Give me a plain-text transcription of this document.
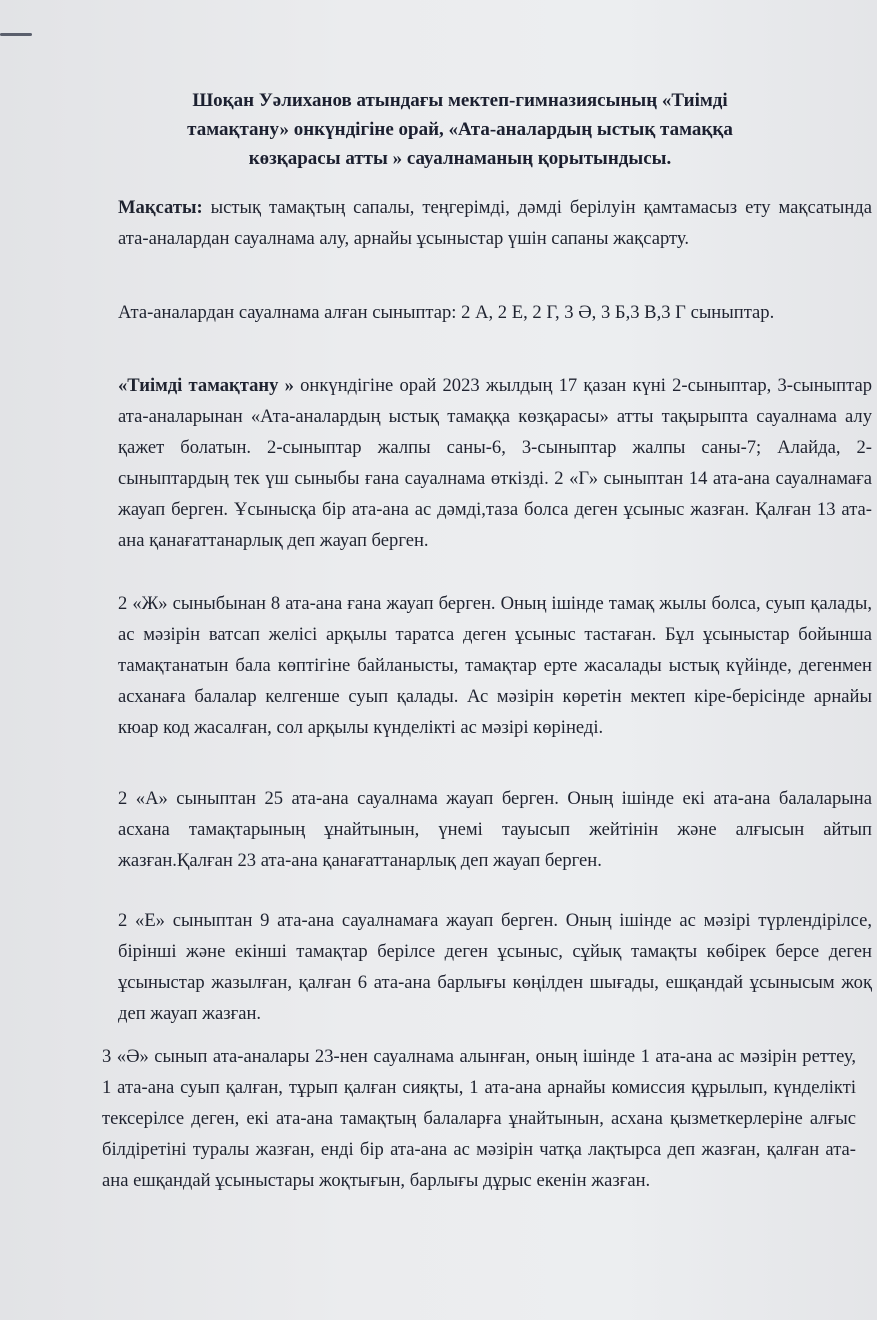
Шоқан Уәлиханов атындағы мектеп-гимназиясының «Тиімді
тамақтану» онкүндігіне орай, «Ата-аналардың ыстық тамаққа
көзқарасы атты » сауалнаманың қорытындысы.
Мақсаты: ыстық тамақтың сапалы, теңгерімді, дәмді берілуін қамтамасыз ету мақсатында ата-аналардан сауалнама алу, арнайы ұсыныстар үшін сапаны жақсарту.
Ата-аналардан сауалнама алған сыныптар: 2 А, 2 Е, 2 Г, 3 Ә, 3 Б,3 В,3 Г сыныптар.
«Тиімді тамақтану » онкүндігіне орай 2023 жылдың 17 қазан күні 2-сыныптар, 3-сыныптар ата-аналарынан «Ата-аналардың ыстық тамаққа көзқарасы» атты тақырыпта сауалнама алу қажет болатын. 2-сыныптар жалпы саны-6, 3-сыныптар жалпы саны-7; Алайда, 2-сыныптардың тек үш сыныбы ғана сауалнама өткізді. 2 «Г» сыныптан 14 ата-ана сауалнамаға жауап берген. Ұсыныcқа бір ата-ана ас дәмді,таза болса деген ұсыныс жазған. Қалған 13 ата-ана қанағаттанарлық деп жауап берген.
2 «Ж» сыныбынан 8 ата-ана ғана жауап берген. Оның ішінде тамақ жылы болса, суып қалады, ас мәзірін ватсап желісі арқылы таратса деген ұсыныс тастаған. Бұл ұсыныстар бойынша тамақтанатын бала көптігіне байланысты, тамақтар ерте жасалады ыстық күйінде, дегенмен асханаға балалар келгенше суып қалады. Ас мәзірін көретін мектеп кіре-берісінде арнайы кюар код жасалған, сол арқылы күнделікті ас мәзірі көрінеді.
2 «А» сыныптан 25 ата-ана сауалнама жауап берген. Оның ішінде екі ата-ана балаларына асхана тамақтарының ұнайтынын, үнемі тауысып жейтінін және алғысын айтып жазған.Қалған 23 ата-ана қанағаттанарлық деп жауап берген.
2 «Е» сыныптан 9 ата-ана сауалнамаға жауап берген. Оның ішінде ас мәзірі түрлендірілсе, бірінші және екінші тамақтар берілсе деген ұсыныс, сұйық тамақты көбірек берсе деген ұсыныстар жазылған, қалған 6 ата-ана барлығы көңілден шығады, ешқандай ұсынысым жоқ деп жауап жазған.
3 «Ә» сынып ата-аналары 23-нен сауалнама алынған, оның ішінде 1 ата-ана ас мәзірін реттеу, 1 ата-ана суып қалған, тұрып қалған сияқты, 1 ата-ана арнайы комиссия құрылып, күнделікті тексерілсе деген, екі ата-ана тамақтың балаларға ұнайтынын, асхана қызметкерлеріне алғыс білдіретіні туралы жазған, енді бір ата-ана ас мәзірін чатқа лақтырса деп жазған, қалған ата-ана ешқандай ұсыныстары жоқтығын, барлығы дұрыс екенін жазған.
